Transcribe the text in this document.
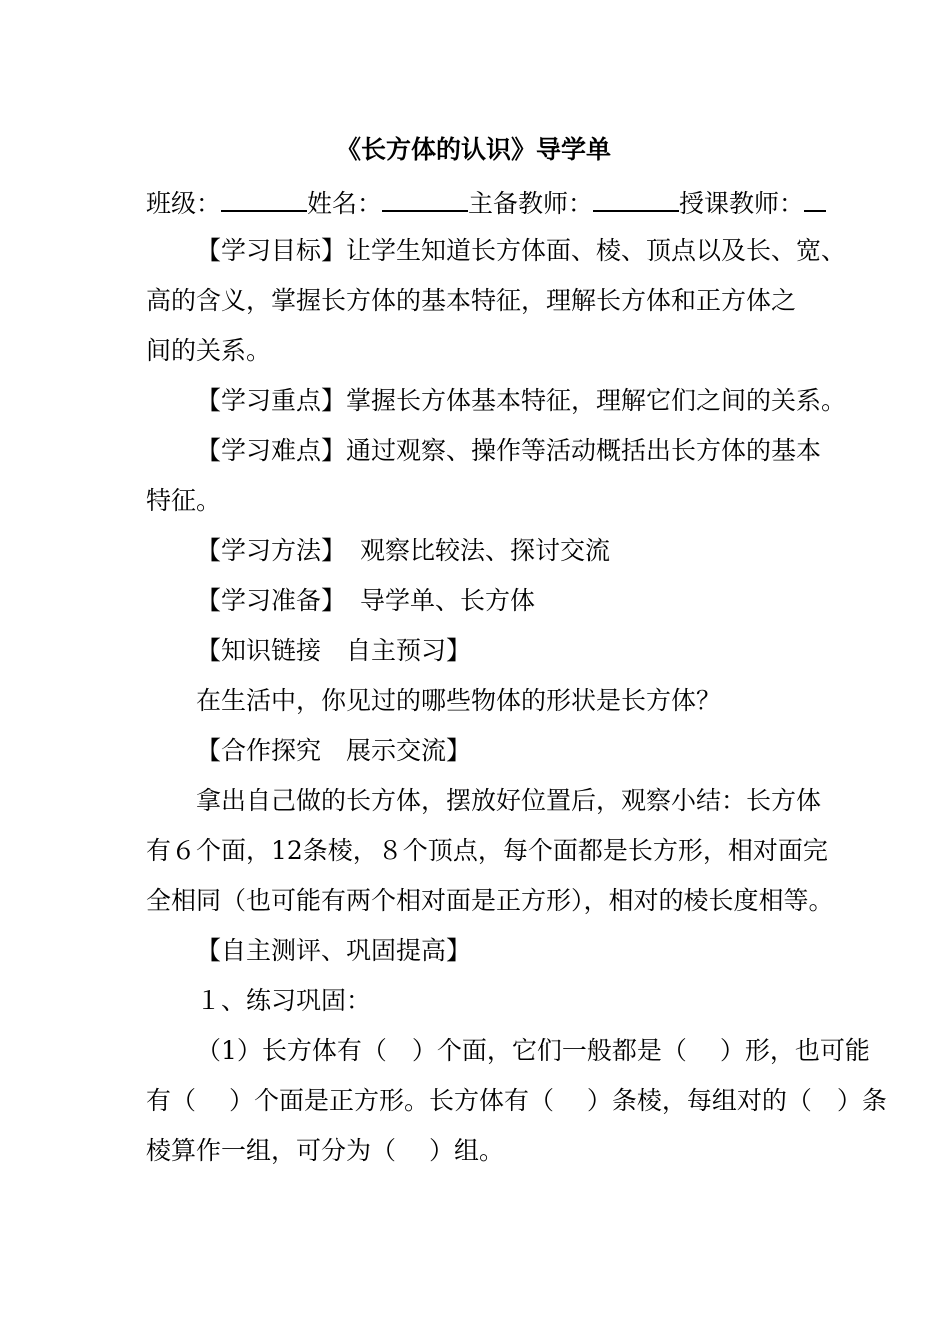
《长方体的认识》导学单
班级：	姓名：	主备教师：	授课教师：
【学习目标】让学生知道长方体面、棱、顶点以及长、宽、
高的含义，掌握长方体的基本特征，理解长方体和正方体之
间的关系。
【学习重点】掌握长方体基本特征，理解它们之间的关系。
【学习难点】通过观察、操作等活动概括出长方体的基本
特征。
【学习方法】 观察比较法、探讨交流
【学习准备】 导学单、长方体
【知识链接　自主预习】
在生活中，你见过的哪些物体的形状是长方体？
【合作探究　展示交流】
拿出自己做的长方体，摆放好位置后，观察小结：长方体
有６个面，12条棱，８个顶点，每个面都是长方形，相对面完
全相同（也可能有两个相对面是正方形），相对的棱长度相等。
【自主测评、巩固提高】
１、练习巩固：
（1）长方体有（　）个面，它们一般都是（　 ）形，也可能
有（　 ）个面是正方形。长方体有（　 ）条棱，每组对的（　）条
棱算作一组，可分为（　 ）组。
